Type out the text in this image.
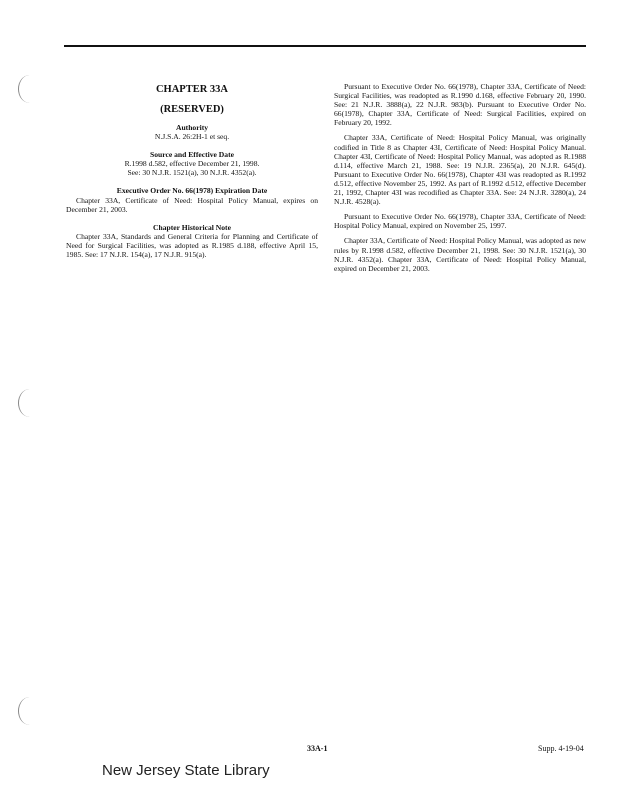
CHAPTER 33A
(RESERVED)
Authority
N.J.S.A. 26:2H-1 et seq.
Source and Effective Date
R.1998 d.582, effective December 21, 1998.
See: 30 N.J.R. 1521(a), 30 N.J.R. 4352(a).
Executive Order No. 66(1978) Expiration Date

Chapter 33A, Certificate of Need: Hospital Policy Manual, expires on December 21, 2003.

Chapter Historical Note

Chapter 33A, Standards and General Criteria for Planning and Certificate of Need for Surgical Facilities, was adopted as R.1985 d.188, effective April 15, 1985. See: 17 N.J.R. 154(a), 17 N.J.R. 915(a).

Pursuant to Executive Order No. 66(1978), Chapter 33A, Certificate of Need: Surgical Facilities, was readopted as R.1990 d.168, effective February 20, 1990. See: 21 N.J.R. 3888(a), 22 N.J.R. 983(b). Pursuant to Executive Order No. 66(1978), Chapter 33A, Certificate of Need: Surgical Facilities, expired on February 20, 1992.

Chapter 33A, Certificate of Need: Hospital Policy Manual, was originally codified in Title 8 as Chapter 43I, Certificate of Need: Hospital Policy Manual. Chapter 43I, Certificate of Need: Hospital Policy Manual, was adopted as R.1988 d.114, effective March 21, 1988. See: 19 N.J.R. 2365(a), 20 N.J.R. 645(d). Pursuant to Executive Order No. 66(1978), Chapter 43I was readopted as R.1992 d.512, effective November 25, 1992. As part of R.1992 d.512, effective December 21, 1992, Chapter 43I was recodified as Chapter 33A. See: 24 N.J.R. 3280(a), 24 N.J.R. 4528(a).

Pursuant to Executive Order No. 66(1978), Chapter 33A, Certificate of Need: Hospital Policy Manual, expired on November 25, 1997.

Chapter 33A, Certificate of Need: Hospital Policy Manual, was adopted as new rules by R.1998 d.582, effective December 21, 1998. See: 30 N.J.R. 1521(a), 30 N.J.R. 4352(a). Chapter 33A, Certificate of Need: Hospital Policy Manual, expired on December 21, 2003.

33A-1	Supp. 4-19-04
New Jersey State Library
